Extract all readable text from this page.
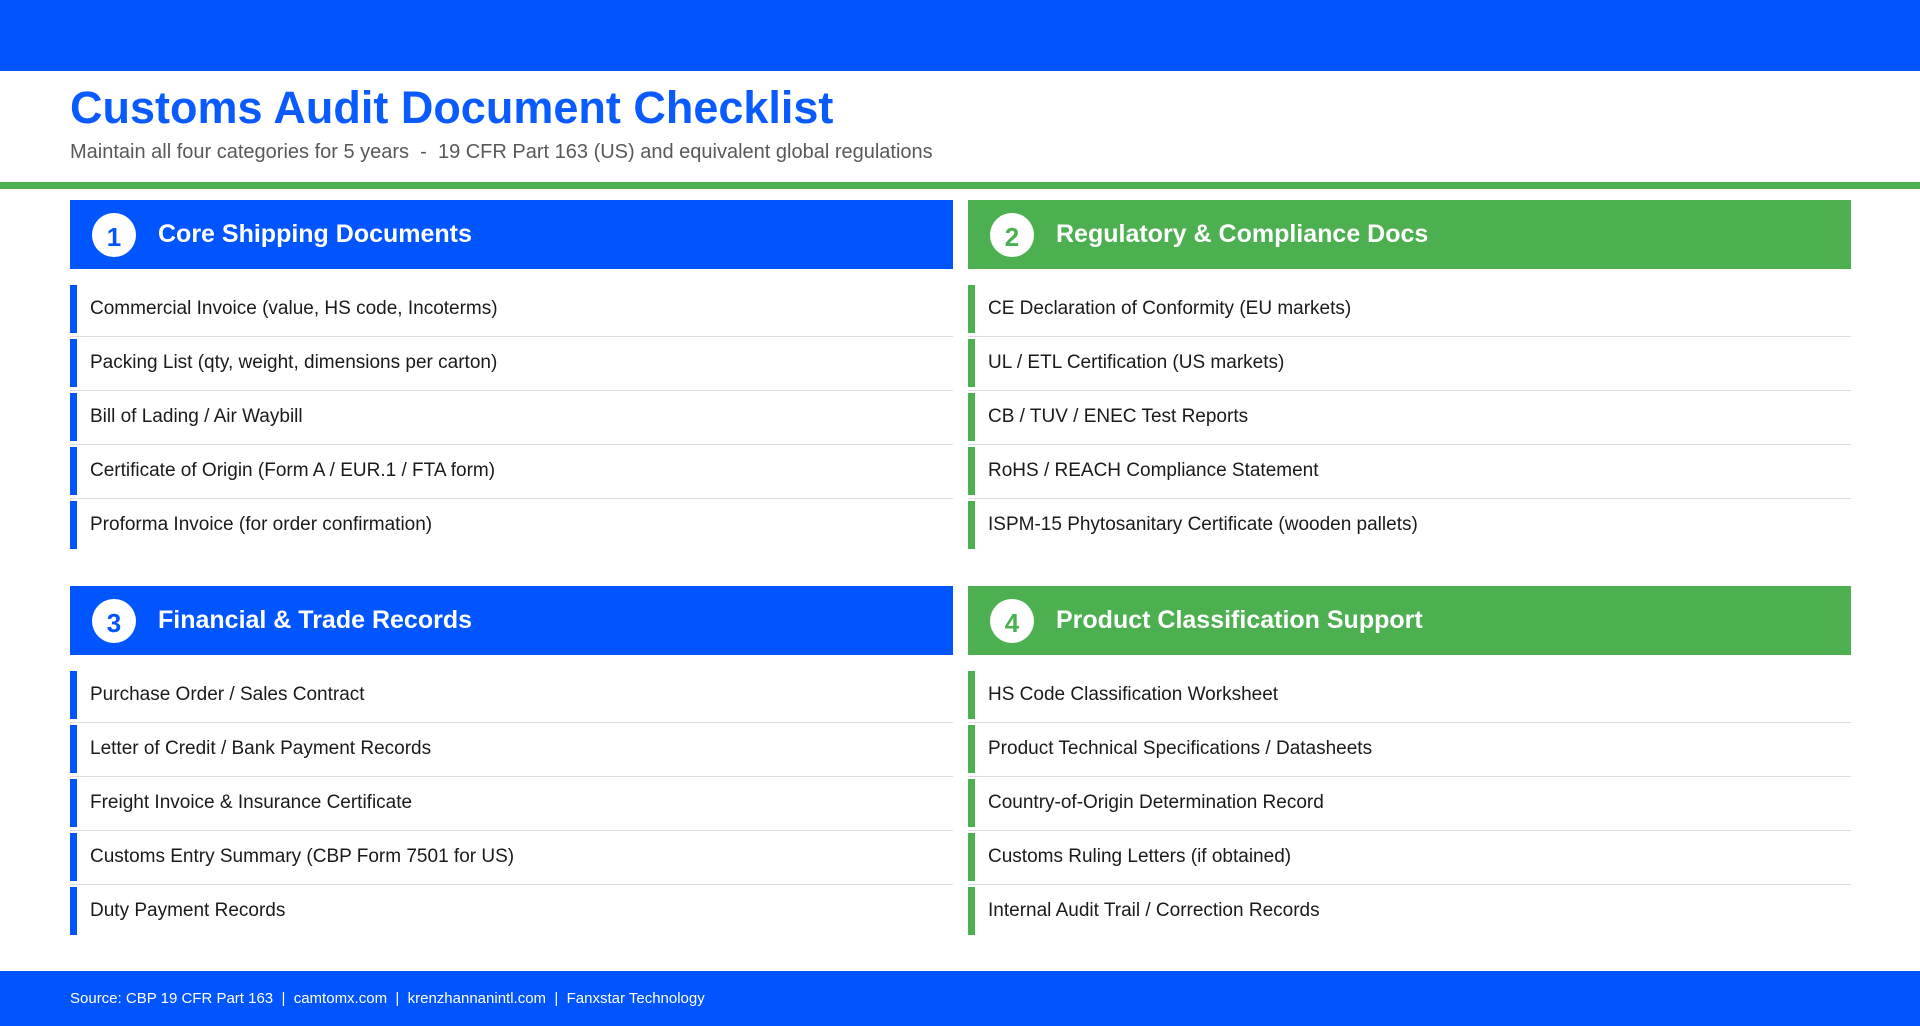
Customs Audit Document Checklist

Maintain all four categories for 5 years  -  19 CFR Part 163 (US) and equivalent global regulations

1	Core Shipping Documents
Commercial Invoice (value, HS code, Incoterms)
Packing List (qty, weight, dimensions per carton)
Bill of Lading / Air Waybill
Certificate of Origin (Form A / EUR.1 / FTA form)
Proforma Invoice (for order confirmation)
2	Regulatory & Compliance Docs
CE Declaration of Conformity (EU markets)
UL / ETL Certification (US markets)
CB / TUV / ENEC Test Reports
RoHS / REACH Compliance Statement
ISPM-15 Phytosanitary Certificate (wooden pallets)
3	Financial & Trade Records
Purchase Order / Sales Contract
Letter of Credit / Bank Payment Records
Freight Invoice & Insurance Certificate
Customs Entry Summary (CBP Form 7501 for US)
Duty Payment Records
4	Product Classification Support
HS Code Classification Worksheet
Product Technical Specifications / Datasheets
Country-of-Origin Determination Record
Customs Ruling Letters (if obtained)
Internal Audit Trail / Correction Records
Source: CBP 19 CFR Part 163  |  camtomx.com  |  krenzhannanintl.com  |  Fanxstar Technology
